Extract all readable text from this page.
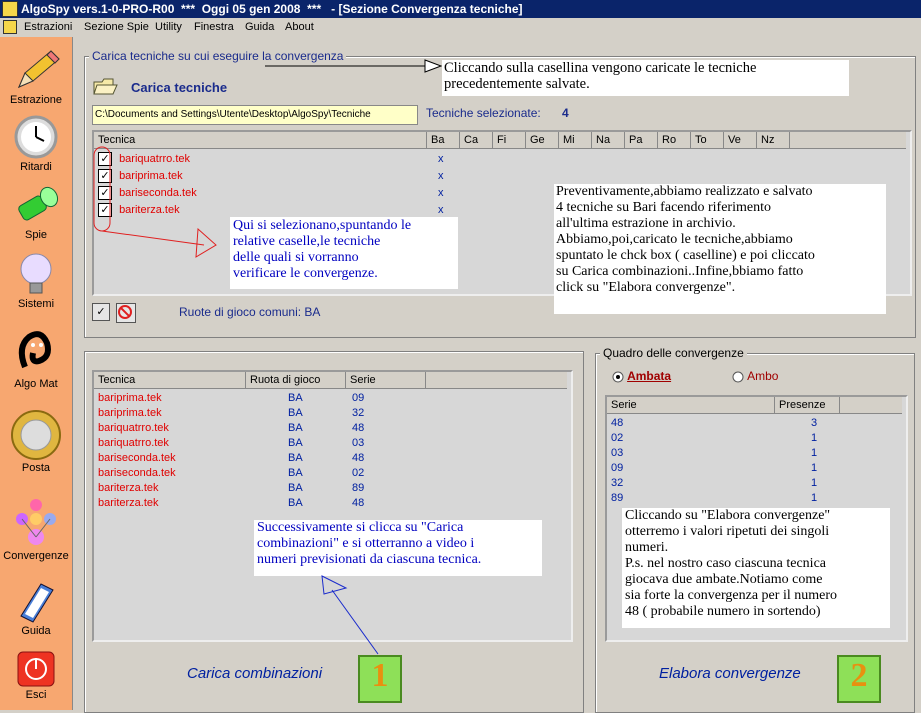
AlgoSpy vers.1-0-PRO-R00  ***  Oggi 05 gen 2008  ***   - [Sezione Convergenza tecniche]
Estrazioni Sezione Spie Utility Finestra Guida About
Estrazione
Ritardi
Spie
Sistemi
Algo Mat
Posta
Convergenze
Guida
Esci
Carica tecniche su cui eseguire la convergenza
Carica tecniche
C:\Documents and Settings\Utente\Desktop\AlgoSpy\Tecniche	Tecniche selezionate: 4
Tecnica	Ba	Ca	Fi	Ge	Mi	Na	Pa	Ro	To	Ve	Nz
✓ bariquatrro.tek	x
✓ bariprima.tek	x
✓ bariseconda.tek	x
✓ bariterza.tek	x
✓	Ruote di gioco comuni: BA
Cliccando sulla casellina vengono caricate le tecniche
precedentemente salvate.
Qui si selezionano,spuntando le
relative caselle,le tecniche
delle quali si vorranno
verificare le convergenze.
Preventivamente,abbiamo realizzato e salvato
4 tecniche su Bari facendo riferimento
all'ultima estrazione in archivio.
Abbiamo,poi,caricato le tecniche,abbiamo
spuntato le chck box ( caselline) e poi cliccato
su Carica combinazioni..Infine,bbiamo fatto
click su "Elabora convergenze".
Tecnica	Ruota di gioco	Serie
bariprima.tek	BA	09
bariprima.tek	BA	32
bariquatrro.tek	BA	48
bariquatrro.tek	BA	03
bariseconda.tek	BA	48
bariseconda.tek	BA	02
bariterza.tek	BA	89
bariterza.tek	BA	48
Successivamente si clicca su "Carica
combinazioni" e si otterranno a video i
numeri previsionati da ciascuna tecnica.
Carica combinazioni	1
Quadro delle convergenze
Ambata	Ambo
Serie	Presenze
48	3
02	1
03	1
09	1
32	1
89	1
Cliccando su "Elabora convergenze"
otterremo i valori ripetuti dei singoli
numeri.
P.s. nel nostro caso ciascuna tecnica
giocava due ambate.Notiamo come
sia forte la convergenza per il numero
48 ( probabile numero in sortendo)
Elabora convergenze	2
